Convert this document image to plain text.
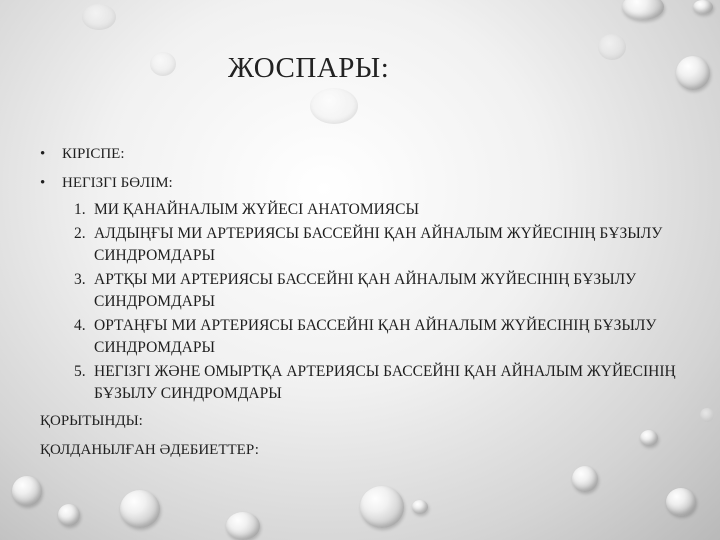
ЖОСПАРЫ:
• КІРІСПЕ:
• НЕГІЗГІ БӨЛІМ:
1. МИ ҚАНАЙНАЛЫМ ЖҮЙЕСІ АНАТОМИЯСЫ
2. АЛДЫҢҒЫ МИ АРТЕРИЯСЫ БАССЕЙНІ ҚАН АЙНАЛЫМ ЖҮЙЕСІНІҢ БҰЗЫЛУ СИНДРОМДАРЫ
3. АРТҚЫ МИ АРТЕРИЯСЫ БАССЕЙНІ ҚАН АЙНАЛЫМ ЖҮЙЕСІНІҢ БҰЗЫЛУ СИНДРОМДАРЫ
4. ОРТАҢҒЫ МИ АРТЕРИЯСЫ БАССЕЙНІ ҚАН АЙНАЛЫМ ЖҮЙЕСІНІҢ БҰЗЫЛУ СИНДРОМДАРЫ
5. НЕГІЗГІ ЖӘНЕ ОМЫРТҚА АРТЕРИЯСЫ БАССЕЙНІ ҚАН АЙНАЛЫМ ЖҮЙЕСІНІҢ БҰЗЫЛУ СИНДРОМДАРЫ
ҚОРЫТЫНДЫ:
ҚОЛДАНЫЛҒАН ӘДЕБИЕТТЕР:
